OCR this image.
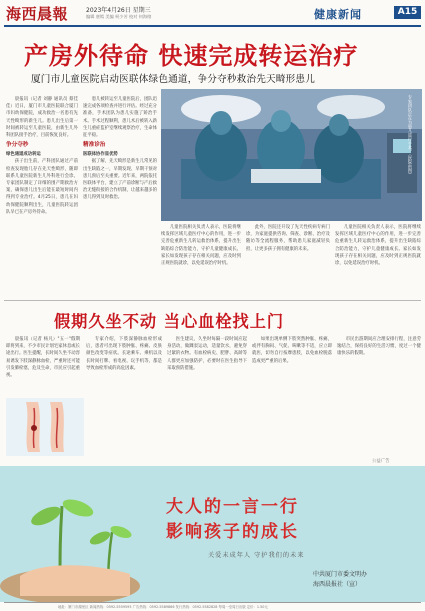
海西晨報	2023年4月26日 星期三
编辑 唐嫣 美编 柯少芳 校对 何海榕	健康新闻	A15
产房外待命 快速完成转运治疗
厦门市儿童医院启动医联体绿色通道，争分夺秒救治先天畸形患儿

晨报讯（记者 刘静 通讯员 蔡佳佳）近日，厦门市儿童医院联合厦门市妇幼保健院，成功救治一名患有先天性畸形的新生儿。患儿出生后第一时间被转运至儿童医院，由新生儿外科团队接手治疗，目前恢复良好。

争分夺秒
绿色通道成功转运

孩子出生前，产科团队通过产前检查发现胎儿存在先天性畸形，随即联系儿童医院新生儿外科进行会诊。专家团队制定了详细的围产期救治方案，确保患儿出生后能在最短时间内得到专业治疗。4月25日，患儿在妇幼保健院顺利出生，儿童医院转运团队早已在产房外待命。

患儿被转运至儿童医院后，团队迅速完成各项检查并进行评估。经过充分准备，手术团队为患儿实施了矫治手术。手术过程顺利，患儿术后被转入新生儿重症监护室继续观察治疗，生命体征平稳。

精准诊治
医联体协作显优势

据了解，先天畸形是新生儿常见的出生缺陷之一，早期发现、早期干预对患儿预后至关重要。近年来，两院依托医联体平台，建立了产前诊断与产后救治无缝衔接的合作机制，让越来越多的患儿得到及时救治。

专家团队正在为患儿进行手术。（医院供图）

儿童医院相关负责人表示，医院将继续发挥区域儿童医疗中心的作用，进一步完善危重新生儿转运救治体系，提升出生缺陷综合防治能力，守护儿童健康成长。家长如发现孩子存在相关问题，应及时到正规医院就诊，以免延误治疗时机。

此外，医院还开设了先天性疾病专病门诊，为家庭提供咨询、筛查、诊断、治疗及随访等全流程服务，帮助患儿家庭减轻负担，让更多孩子拥有健康的未来。

儿童医院相关负责人表示，医院将继续发挥区域儿童医疗中心的作用，进一步完善危重新生儿转运救治体系，提升出生缺陷综合防治能力，守护儿童健康成长。家长如发现孩子存在相关问题，应及时到正规医院就诊，以免延误治疗时机。

假期久坐不动 当心血栓找上门

晨报讯（记者 杨凡）"五一"假期即将到来，不少市民计划宅家休息或长途出行。医生提醒，长时间久坐不动容易诱发下肢深静脉血栓，严重时还可能引发肺栓塞，危及生命，市民应引起重视。

专家介绍，下肢深静脉血栓形成后，患者可出现下肢肿胀、疼痛、皮肤颜色改变等症状。长途乘车、乘机以及长时间打牌、看电视、玩手机等，都是导致血栓形成的高危因素。

医生建议，久坐时每隔一段时间应起身活动，做踝泵运动，适量饮水，避免穿过紧的衣物。有血栓病史、肥胖、高龄等人群更应加强防护，必要时在医生指导下采取预防措施。

如果出现单侧下肢突然肿胀、疼痛，或伴有胸闷、气促、咳嗽等不适，应立即就医，切勿自行按摩患肢，以免血栓脱落造成更严重的后果。

市民出游期间应合理安排行程，注意劳逸结合，保持良好的生活习惯，度过一个健康快乐的假期。

公益广告
大人的一言一行
影响孩子的成长
关爱未成年人 守护我们的未来
中共厦门市委文明办
海西晨报社（宣）
地址：厦门市湖里区 新闻热线：0592-5559595 广告热线：0592-5589866 发行热线：0592-5582828 每周一至周日出版 定价：1.50元
